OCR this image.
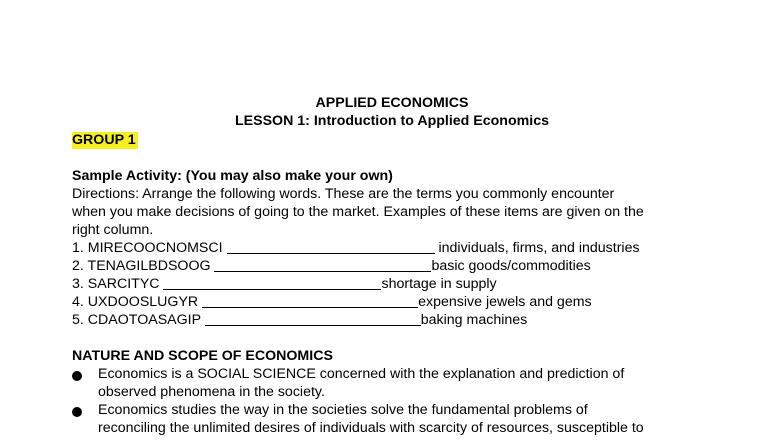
APPLIED ECONOMICS
LESSON 1: Introduction to Applied Economics
GROUP 1
Sample Activity: (You may also make your own)
Directions: Arrange the following words. These are the terms you commonly encounter
when you make decisions of going to the market. Examples of these items are given on the
right column.
1. MIRECOOCNOMSCI	individuals, firms, and industries
2. TENAGILBDSOOG	basic goods/commodities
3. SARCITYC	shortage in supply
4. UXDOOSLUGYR	expensive jewels and gems
5. CDAOTOASAGIP	baking machines
NATURE AND SCOPE OF ECONOMICS
Economics is a SOCIAL SCIENCE concerned with the explanation and prediction of
observed phenomena in the society.
Economics studies the way in the societies solve the fundamental problems of
reconciling the unlimited desires of individuals with scarcity of resources, susceptible to
